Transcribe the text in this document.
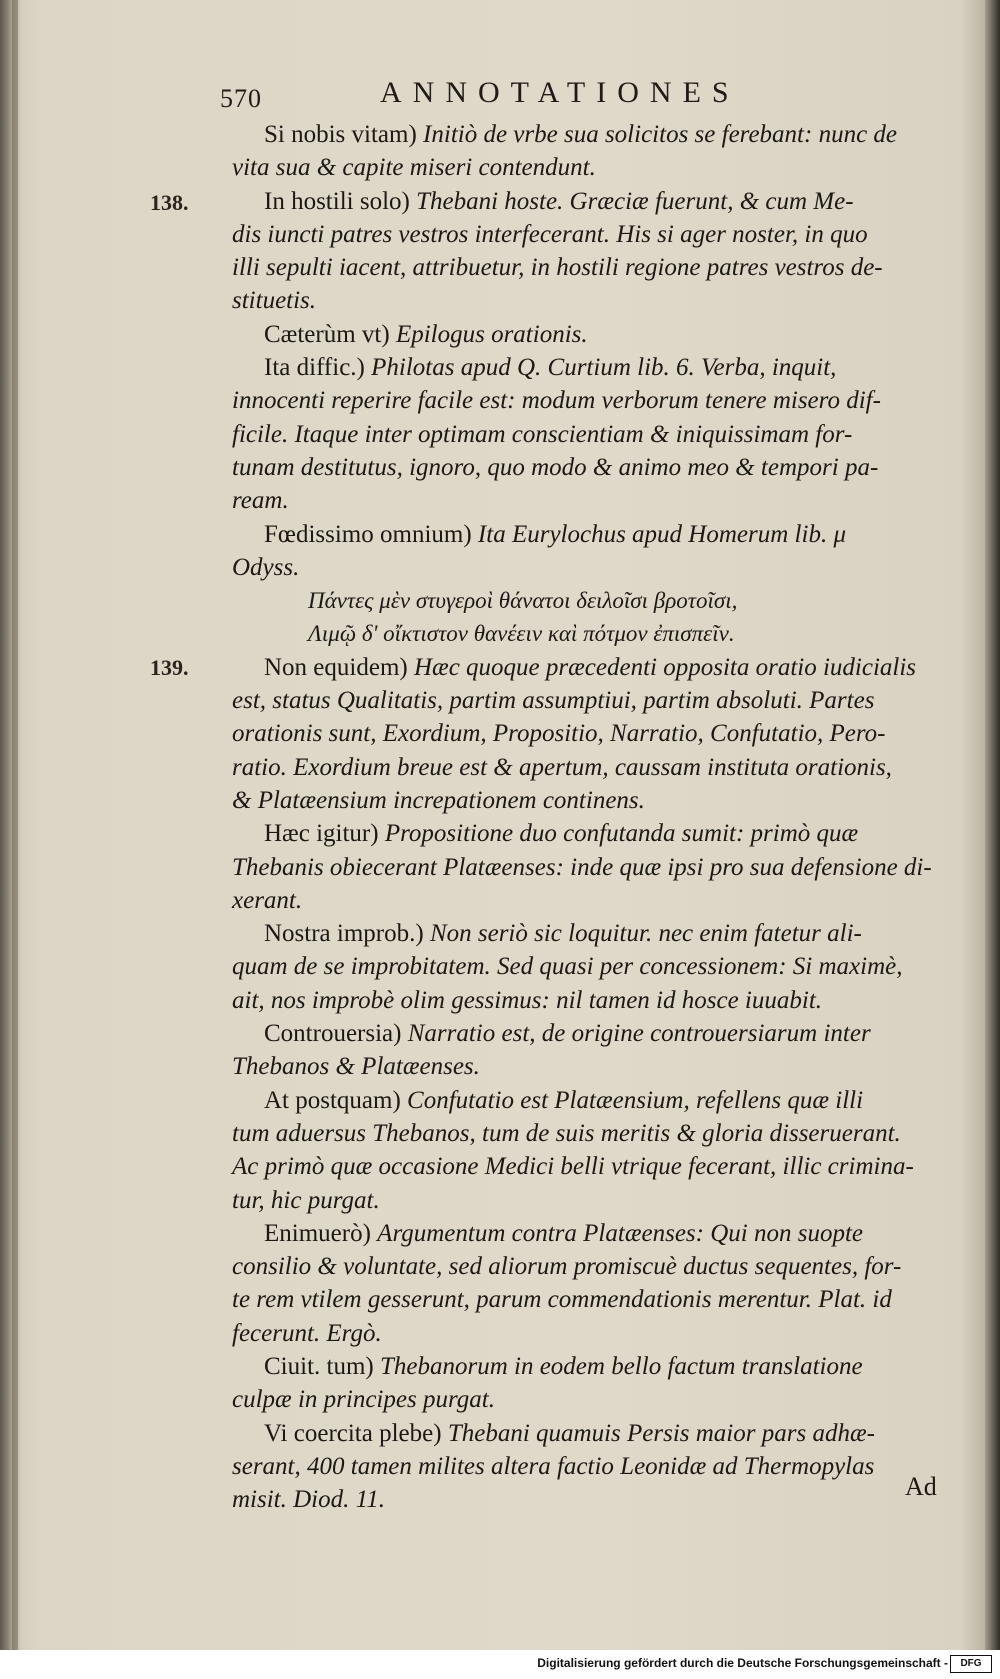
570	ANNOTATIONES
138.
139.
Si nobis vitam) Initiò de vrbe sua solicitos se ferebant: nunc de
vita sua & capite miseri contendunt.
In hostili solo) Thebani hoste. Græciæ fuerunt, & cum Me-
dis iuncti patres vestros interfecerant. His si ager noster, in quo
illi sepulti iacent, attribuetur, in hostili regione patres vestros de-
stituetis.
Cæterùm vt) Epilogus orationis.
Ita diffic.) Philotas apud Q. Curtium lib. 6. Verba, inquit,
innocenti reperire facile est: modum verborum tenere misero dif-
ficile. Itaque inter optimam conscientiam & iniquissimam for-
tunam destitutus, ignoro, quo modo & animo meo & tempori pa-
ream.
Fœdissimo omnium) Ita Eurylochus apud Homerum lib. μ
Odyss.
Πάντες μὲν στυγεροὶ θάνατοι δειλοῖσι βροτοῖσι,
Λιμῷ δ' οἴκτιστον θανέειν καὶ πότμον ἐπισπεῖν.
Non equidem) Hæc quoque præcedenti opposita oratio iudicialis
est, status Qualitatis, partim assumptiui, partim absoluti. Partes
orationis sunt, Exordium, Propositio, Narratio, Confutatio, Pero-
ratio. Exordium breue est & apertum, caussam instituta orationis,
& Platæensium increpationem continens.
Hæc igitur) Propositione duo confutanda sumit: primò quæ
Thebanis obiecerant Platæenses: inde quæ ipsi pro sua defensione di-
xerant.
Nostra improb.) Non seriò sic loquitur. nec enim fatetur ali-
quam de se improbitatem. Sed quasi per concessionem: Si maximè,
ait, nos improbè olim gessimus: nil tamen id hosce iuuabit.
Controuersia) Narratio est, de origine controuersiarum inter
Thebanos & Platæenses.
At postquam) Confutatio est Platæensium, refellens quæ illi
tum aduersus Thebanos, tum de suis meritis & gloria disseruerant.
Ac primò quæ occasione Medici belli vtrique fecerant, illic crimina-
tur, hic purgat.
Enimuerò) Argumentum contra Platæenses: Qui non suopte
consilio & voluntate, sed aliorum promiscuè ductus sequentes, for-
te rem vtilem gesserunt, parum commendationis merentur. Plat. id
fecerunt. Ergò.
Ciuit. tum) Thebanorum in eodem bello factum translatione
culpæ in principes purgat.
Vi coercita plebe) Thebani quamuis Persis maior pars adhæ-
serant, 400 tamen milites altera factio Leonidæ ad Thermopylas
misit. Diod. 11.	Ad
Digitalisierung gefördert durch die Deutsche Forschungsgemeinschaft -	DFG
